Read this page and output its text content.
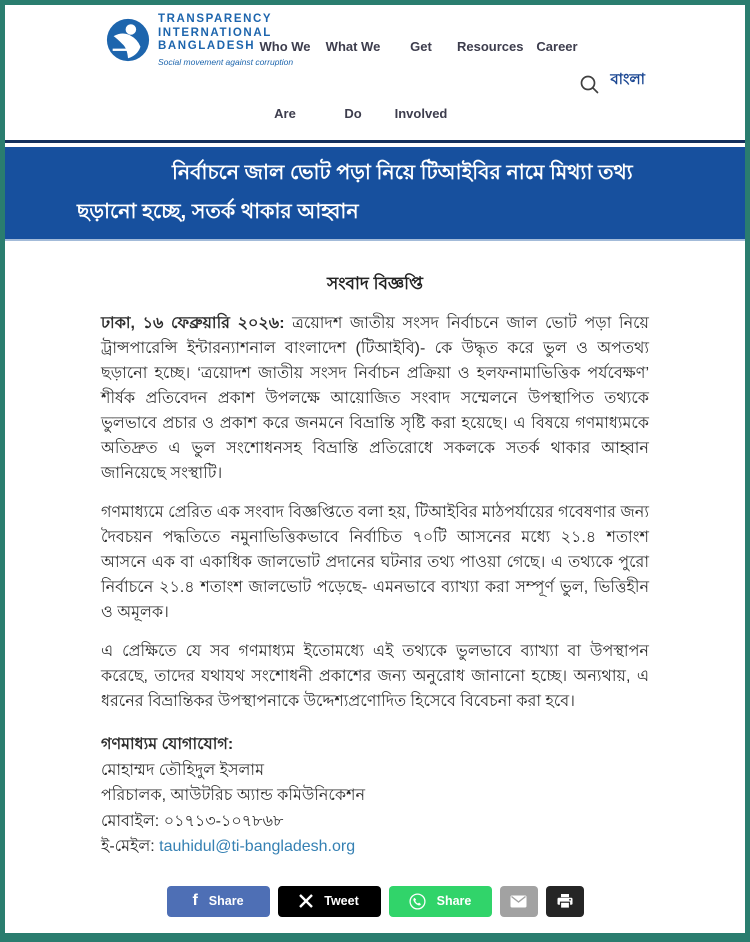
TRANSPARENCY
INTERNATIONAL
BANGLADESH
Social movement against corruption
Who We Are
What We Do
Get Involved
Resources Career
বাংলা
নির্বাচনে জাল ভোট পড়া নিয়ে টিআইবির নামে মিথ্যা তথ্য ছড়ানো হচ্ছে, সতর্ক থাকার আহ্বান
সংবাদ বিজ্ঞপ্তি

ঢাকা, ১৬ ফেব্রুয়ারি ২০২৬: ত্রয়োদশ জাতীয় সংসদ নির্বাচনে জাল ভোট পড়া নিয়ে ট্রান্সপারেন্সি ইন্টারন্যাশনাল বাংলাদেশ (টিআইবি)- কে উদ্ধৃত করে ভুল ও অপতথ্য ছড়ানো হচ্ছে। ‘ত্রয়োদশ জাতীয় সংসদ নির্বাচন প্রক্রিয়া ও হলফনামাভিত্তিক পর্যবেক্ষণ’ শীর্ষক প্রতিবেদন প্রকাশ উপলক্ষে আয়োজিত সংবাদ সম্মেলনে উপস্থাপিত তথ্যকে ভুলভাবে প্রচার ও প্রকাশ করে জনমনে বিভ্রান্তি সৃষ্টি করা হয়েছে। এ বিষয়ে গণমাধ্যমকে অতিদ্রুত এ ভুল সংশোধনসহ বিভ্রান্তি প্রতিরোধে সকলকে সতর্ক থাকার আহ্বান জানিয়েছে সংস্থাটি।

গণমাধ্যমে প্রেরিত এক সংবাদ বিজ্ঞপ্তিতে বলা হয়, টিআইবির মাঠপর্যায়ের গবেষণার জন্য দৈবচয়ন পদ্ধতিতে নমুনাভিত্তিকভাবে নির্বাচিত ৭০টি আসনের মধ্যে ২১.৪ শতাংশ আসনে এক বা একাধিক জালভোট প্রদানের ঘটনার তথ্য পাওয়া গেছে। এ তথ্যকে পুরো নির্বাচনে ২১.৪ শতাংশ জালভোট পড়েছে- এমনভাবে ব্যাখ্যা করা সম্পূর্ণ ভুল, ভিত্তিহীন ও অমূলক।

এ প্রেক্ষিতে যে সব গণমাধ্যম ইতোমধ্যে এই তথ্যকে ভুলভাবে ব্যাখ্যা বা উপস্থাপন করেছে, তাদের যথাযথ সংশোধনী প্রকাশের জন্য অনুরোধ জানানো হচ্ছে। অন্যথায়, এ ধরনের বিভ্রান্তিকর উপস্থাপনাকে উদ্দেশ্যপ্রণোদিত হিসেবে বিবেচনা করা হবে।

গণমাধ্যম যোগাযোগ:
মোহাম্মদ তৌহিদুল ইসলাম
পরিচালক, আউটরিচ অ্যান্ড কমিউনিকেশন
মোবাইল: ০১৭১৩-১০৭৮৬৮
ই-মেইল: tauhidul@ti-bangladesh.org
f Share	Tweet	Share
